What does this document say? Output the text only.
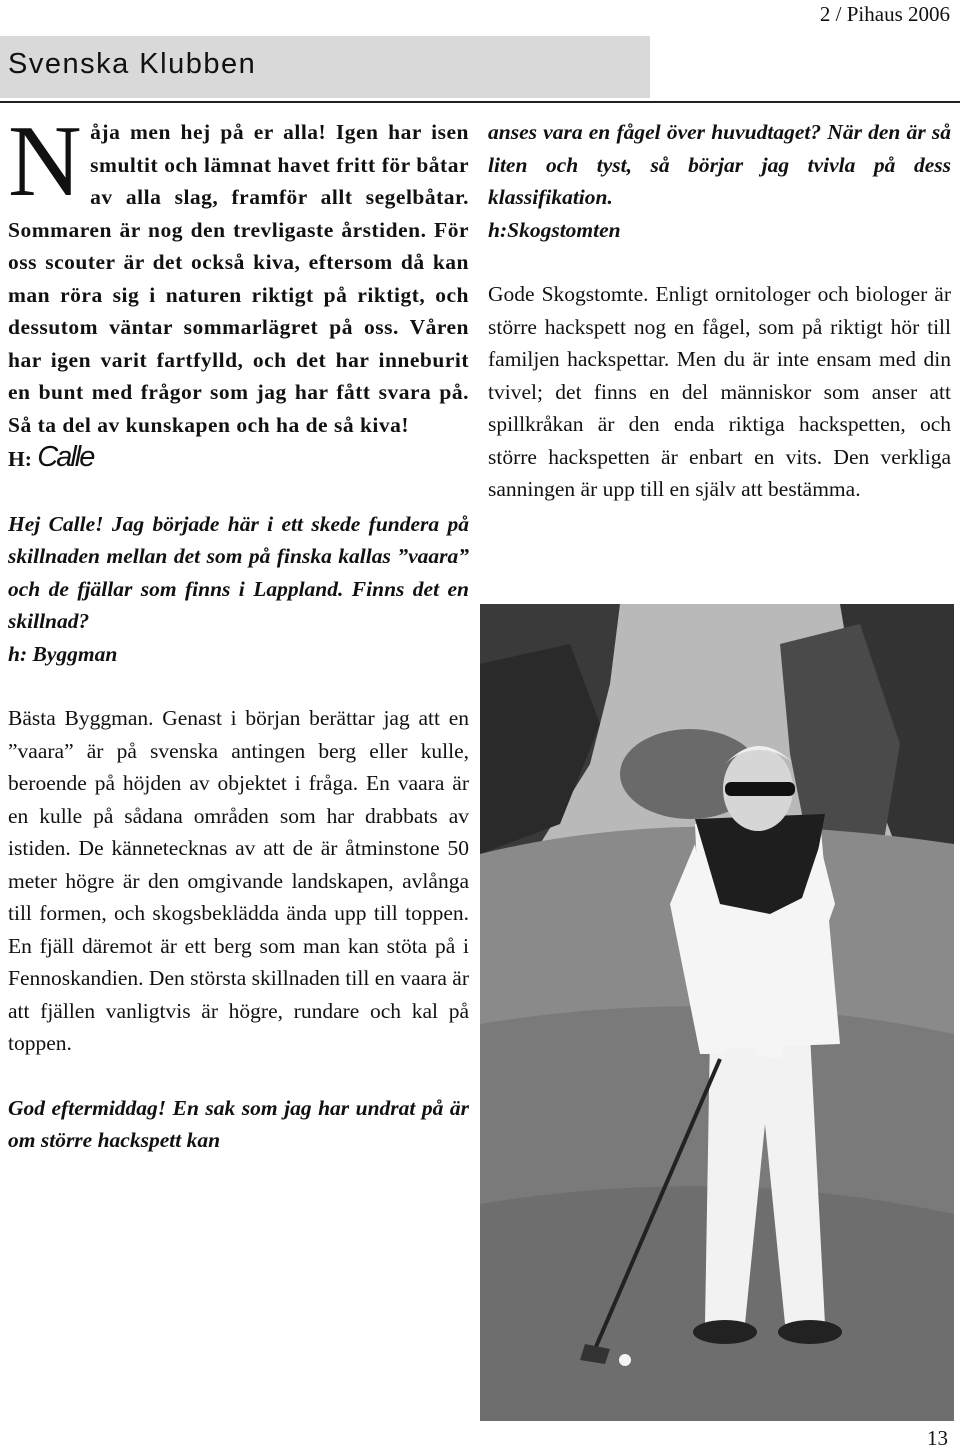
2 / Pihaus 2006
Svenska Klubben

Nåja men hej på er alla! Igen har isen smultit och lämnat havet fritt för båtar av alla slag, framför allt segelbåtar. Sommaren är nog den trevligaste årstiden. För oss scouter är det också kiva, eftersom då kan man röra sig i naturen riktigt på riktigt, och dessutom väntar sommarlägret på oss. Våren har igen varit fartfylld, och det har inneburit en bunt med frågor som jag har fått svara på. Så ta del av kunskapen och ha de så kiva!

H: Calle

Hej Calle! Jag började här i ett skede fundera på skillnaden mellan det som på finska kallas ”vaara” och de fjällar som finns i Lappland. Finns det en skillnad?

h: Byggman

Bästa Byggman. Genast i början berättar jag att en ”vaara” är på svenska antingen berg eller kulle, beroende på höjden av objektet i fråga. En vaara är en kulle på sådana områden som har drabbats av istiden. De kännetecknas av att de är åtminstone 50 meter högre är den omgivande landskapen, avlånga till formen, och skogsbeklädda ända upp till toppen. En fjäll däremot är ett berg som man kan stöta på i Fennoskandien. Den största skillnaden till en vaara är att fjällen vanligtvis är högre, rundare och kal på toppen.

God eftermiddag! En sak som jag har undrat på är om större hackspett kan

anses vara en fågel över huvudtaget? När den är så liten och tyst, så börjar jag tvivla på dess klassifikation.

h:Skogstomten

Gode Skogstomte. Enligt ornitologer och biologer är större hackspett nog en fågel, som på riktigt hör till familjen hackspettar. Men du är inte ensam med din tvivel; det finns en del människor som anser att spillkråkan är den enda riktiga hackspetten, och större hackspetten är enbart en vits. Den verkliga sanningen är upp till en själv att bestämma.

13
